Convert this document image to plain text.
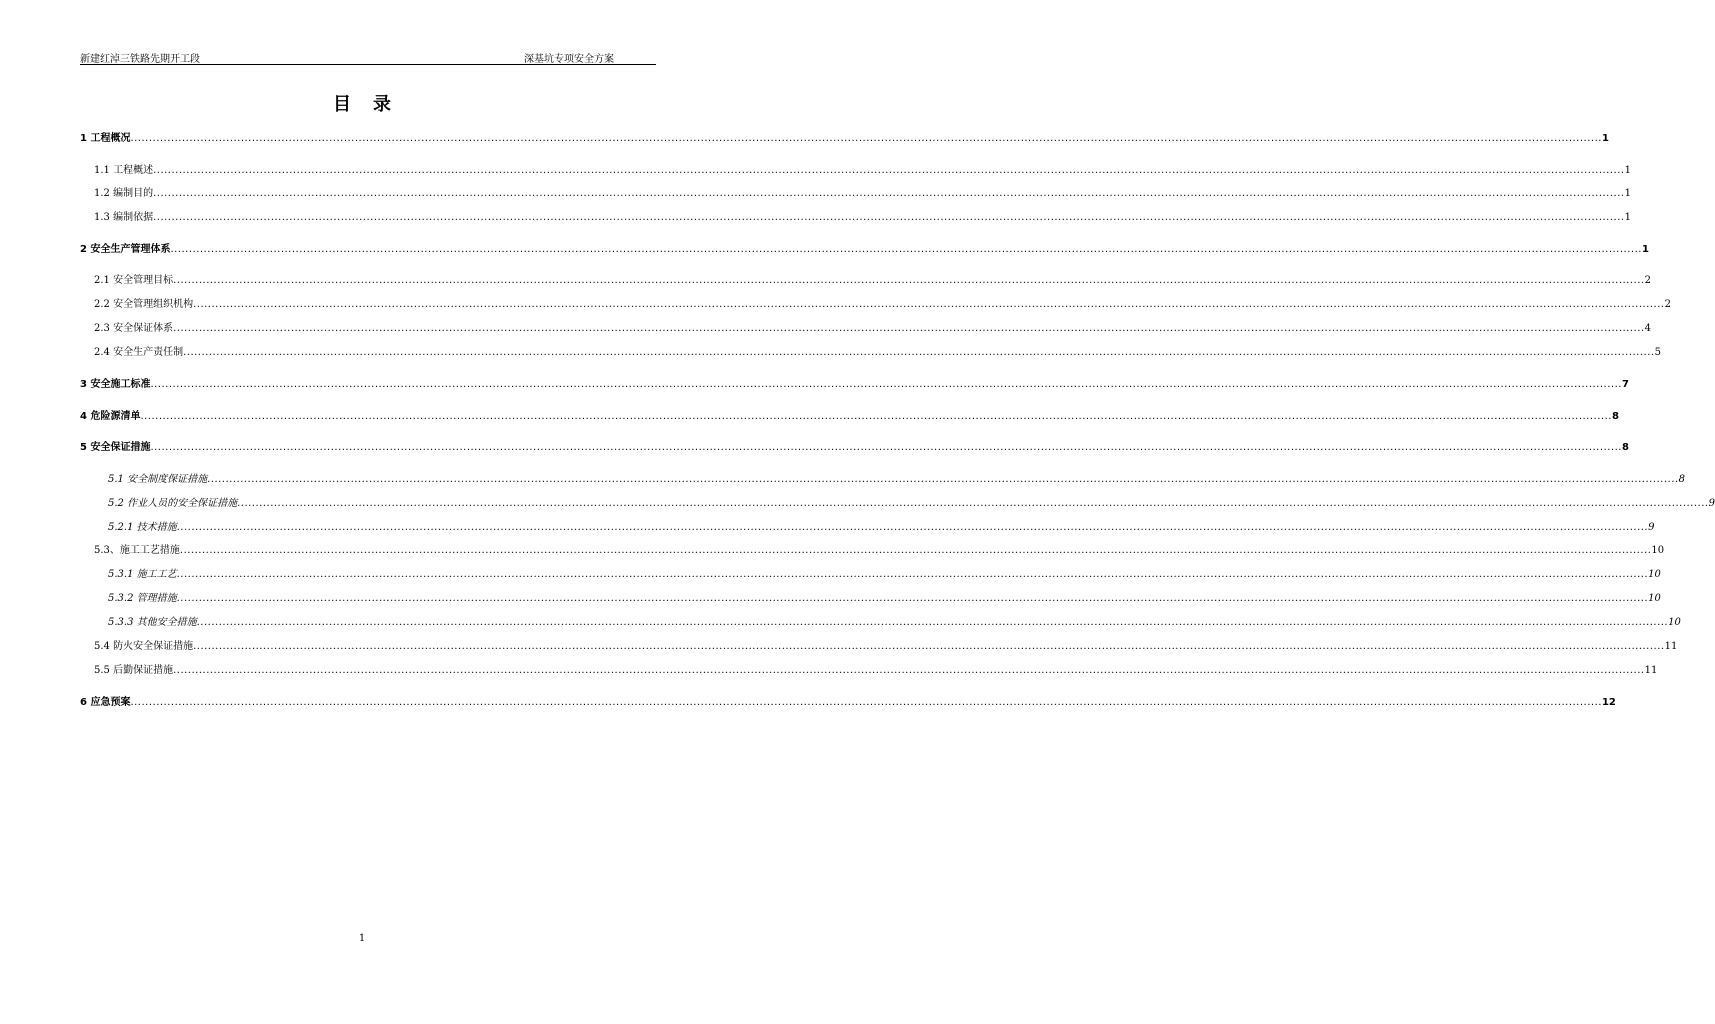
新建红淖三铁路先期开工段	深基坑专项安全方案
目录
1 工程概况 ................................................................................................................................................................................................................................................................................................................................................................................................................ 1
1.1 工程概述 ................................................................................................................................................................................................................................................................................................................................................................................................................ 1
1.2 编制目的 ................................................................................................................................................................................................................................................................................................................................................................................................................ 1
1.3 编制依据 ................................................................................................................................................................................................................................................................................................................................................................................................................ 1
2 安全生产管理体系 ................................................................................................................................................................................................................................................................................................................................................................................................................ 1
2.1 安全管理目标 ................................................................................................................................................................................................................................................................................................................................................................................................................ 2
2.2 安全管理组织机构 ................................................................................................................................................................................................................................................................................................................................................................................................................ 2
2.3 安全保证体系 ................................................................................................................................................................................................................................................................................................................................................................................................................ 4
2.4 安全生产责任制 ................................................................................................................................................................................................................................................................................................................................................................................................................ 5
3 安全施工标准 ................................................................................................................................................................................................................................................................................................................................................................................................................ 7
4 危险源清单 ................................................................................................................................................................................................................................................................................................................................................................................................................ 8
5 安全保证措施 ................................................................................................................................................................................................................................................................................................................................................................................................................ 8
5.1 安全制度保证措施 ................................................................................................................................................................................................................................................................................................................................................................................................................ 8
5.2 作业人员的安全保证措施 ................................................................................................................................................................................................................................................................................................................................................................................................................ 9
5.2.1 技术措施 ................................................................................................................................................................................................................................................................................................................................................................................................................ 9
5.3、施工工艺措施 ................................................................................................................................................................................................................................................................................................................................................................................................................ 10
5.3.1 施工工艺 ................................................................................................................................................................................................................................................................................................................................................................................................................ 10
5.3.2 管理措施 ................................................................................................................................................................................................................................................................................................................................................................................................................ 10
5.3.3 其他安全措施 ................................................................................................................................................................................................................................................................................................................................................................................................................ 10
5.4 防火安全保证措施 ................................................................................................................................................................................................................................................................................................................................................................................................................ 11
5.5 后勤保证措施 ................................................................................................................................................................................................................................................................................................................................................................................................................ 11
6 应急预案 ................................................................................................................................................................................................................................................................................................................................................................................................................ 12
1
